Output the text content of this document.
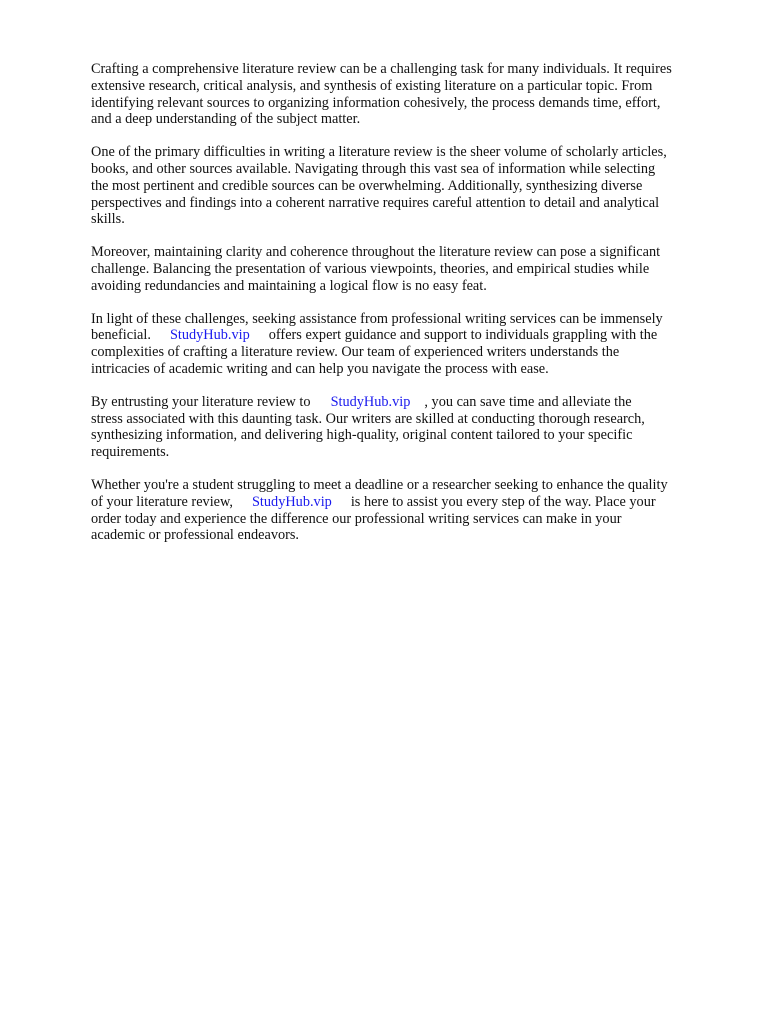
Crafting a comprehensive literature review can be a challenging task for many individuals. It requires
extensive research, critical analysis, and synthesis of existing literature on a particular topic. From
identifying relevant sources to organizing information cohesively, the process demands time, effort,
and a deep understanding of the subject matter.

One of the primary difficulties in writing a literature review is the sheer volume of scholarly articles,
books, and other sources available. Navigating through this vast sea of information while selecting
the most pertinent and credible sources can be overwhelming. Additionally, synthesizing diverse
perspectives and findings into a coherent narrative requires careful attention to detail and analytical
skills.

Moreover, maintaining clarity and coherence throughout the literature review can pose a significant
challenge. Balancing the presentation of various viewpoints, theories, and empirical studies while
avoiding redundancies and maintaining a logical flow is no easy feat.

In light of these challenges, seeking assistance from professional writing services can be immensely
beneficial. StudyHub.vip offers expert guidance and support to individuals grappling with the
complexities of crafting a literature review. Our team of experienced writers understands the
intricacies of academic writing and can help you navigate the process with ease.

By entrusting your literature review to StudyHub.vip , you can save time and alleviate the
stress associated with this daunting task. Our writers are skilled at conducting thorough research,
synthesizing information, and delivering high-quality, original content tailored to your specific
requirements.

Whether you're a student struggling to meet a deadline or a researcher seeking to enhance the quality
of your literature review, StudyHub.vip is here to assist you every step of the way. Place your
order today and experience the difference our professional writing services can make in your
academic or professional endeavors.
